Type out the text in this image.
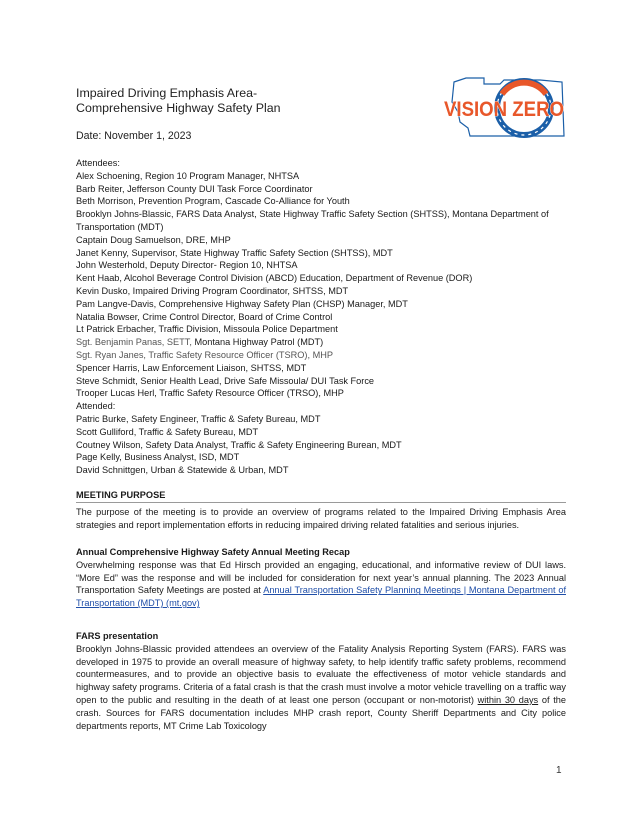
Impaired Driving Emphasis Area-
Comprehensive Highway Safety Plan
Date: November 1, 2023
VISION ZERO
Attendees:
Alex Schoening, Region 10 Program Manager, NHTSA
Barb Reiter, Jefferson County DUI Task Force Coordinator
Beth Morrison, Prevention Program, Cascade Co-Alliance for Youth
Brooklyn Johns-Blassic, FARS Data Analyst, State Highway Traffic Safety Section (SHTSS), Montana Department of Transportation (MDT)
Captain Doug Samuelson, DRE, MHP
Janet Kenny, Supervisor, State Highway Traffic Safety Section (SHTSS), MDT
John Westerhold, Deputy Director- Region 10, NHTSA
Kent Haab, Alcohol Beverage Control Division (ABCD) Education, Department of Revenue (DOR)
Kevin Dusko, Impaired Driving Program Coordinator, SHTSS, MDT
Pam Langve-Davis, Comprehensive Highway Safety Plan (CHSP) Manager, MDT
Natalia Bowser, Crime Control Director, Board of Crime Control
Lt Patrick Erbacher, Traffic Division, Missoula Police Department
Sgt. Benjamin Panas, SETT, Montana Highway Patrol (MDT)
Sgt. Ryan Janes, Traffic Safety Resource Officer (TSRO), MHP
Spencer Harris, Law Enforcement Liaison, SHTSS, MDT
Steve Schmidt, Senior Health Lead, Drive Safe Missoula/ DUI Task Force
Trooper Lucas Herl, Traffic Safety Resource Officer (TRSO), MHP
Attended:
Patric Burke, Safety Engineer, Traffic & Safety Bureau, MDT
Scott Gulliford, Traffic & Safety Bureau, MDT
Coutney Wilson, Safety Data Analyst, Traffic & Safety Engineering Burean, MDT
Page Kelly, Business Analyst, ISD, MDT
David Schnittgen, Urban & Statewide & Urban, MDT
MEETING PURPOSE
The purpose of the meeting is to provide an overview of programs related to the Impaired Driving Emphasis Area strategies and report implementation efforts in reducing impaired driving related fatalities and serious injuries.
Annual Comprehensive Highway Safety Annual Meeting Recap
Overwhelming response was that Ed Hirsch provided an engaging, educational, and informative review of DUI laws. “More Ed” was the response and will be included for consideration for next year’s annual planning. The 2023 Annual Transportation Safety Meetings are posted at Annual Transportation Safety Planning Meetings | Montana Department of Transportation (MDT) (mt.gov)
FARS presentation
Brooklyn Johns-Blassic provided attendees an overview of the Fatality Analysis Reporting System (FARS). FARS was developed in 1975 to provide an overall measure of highway safety, to help identify traffic safety problems, recommend countermeasures, and to provide an objective basis to evaluate the effectiveness of motor vehicle standards and highway safety programs. Criteria of a fatal crash is that the crash must involve a motor vehicle travelling on a traffic way open to the public and resulting in the death of at least one person (occupant or non-motorist) within 30 days of the crash. Sources for FARS documentation includes MHP crash report, County Sheriff Departments and City police departments reports, MT Crime Lab Toxicology
1
